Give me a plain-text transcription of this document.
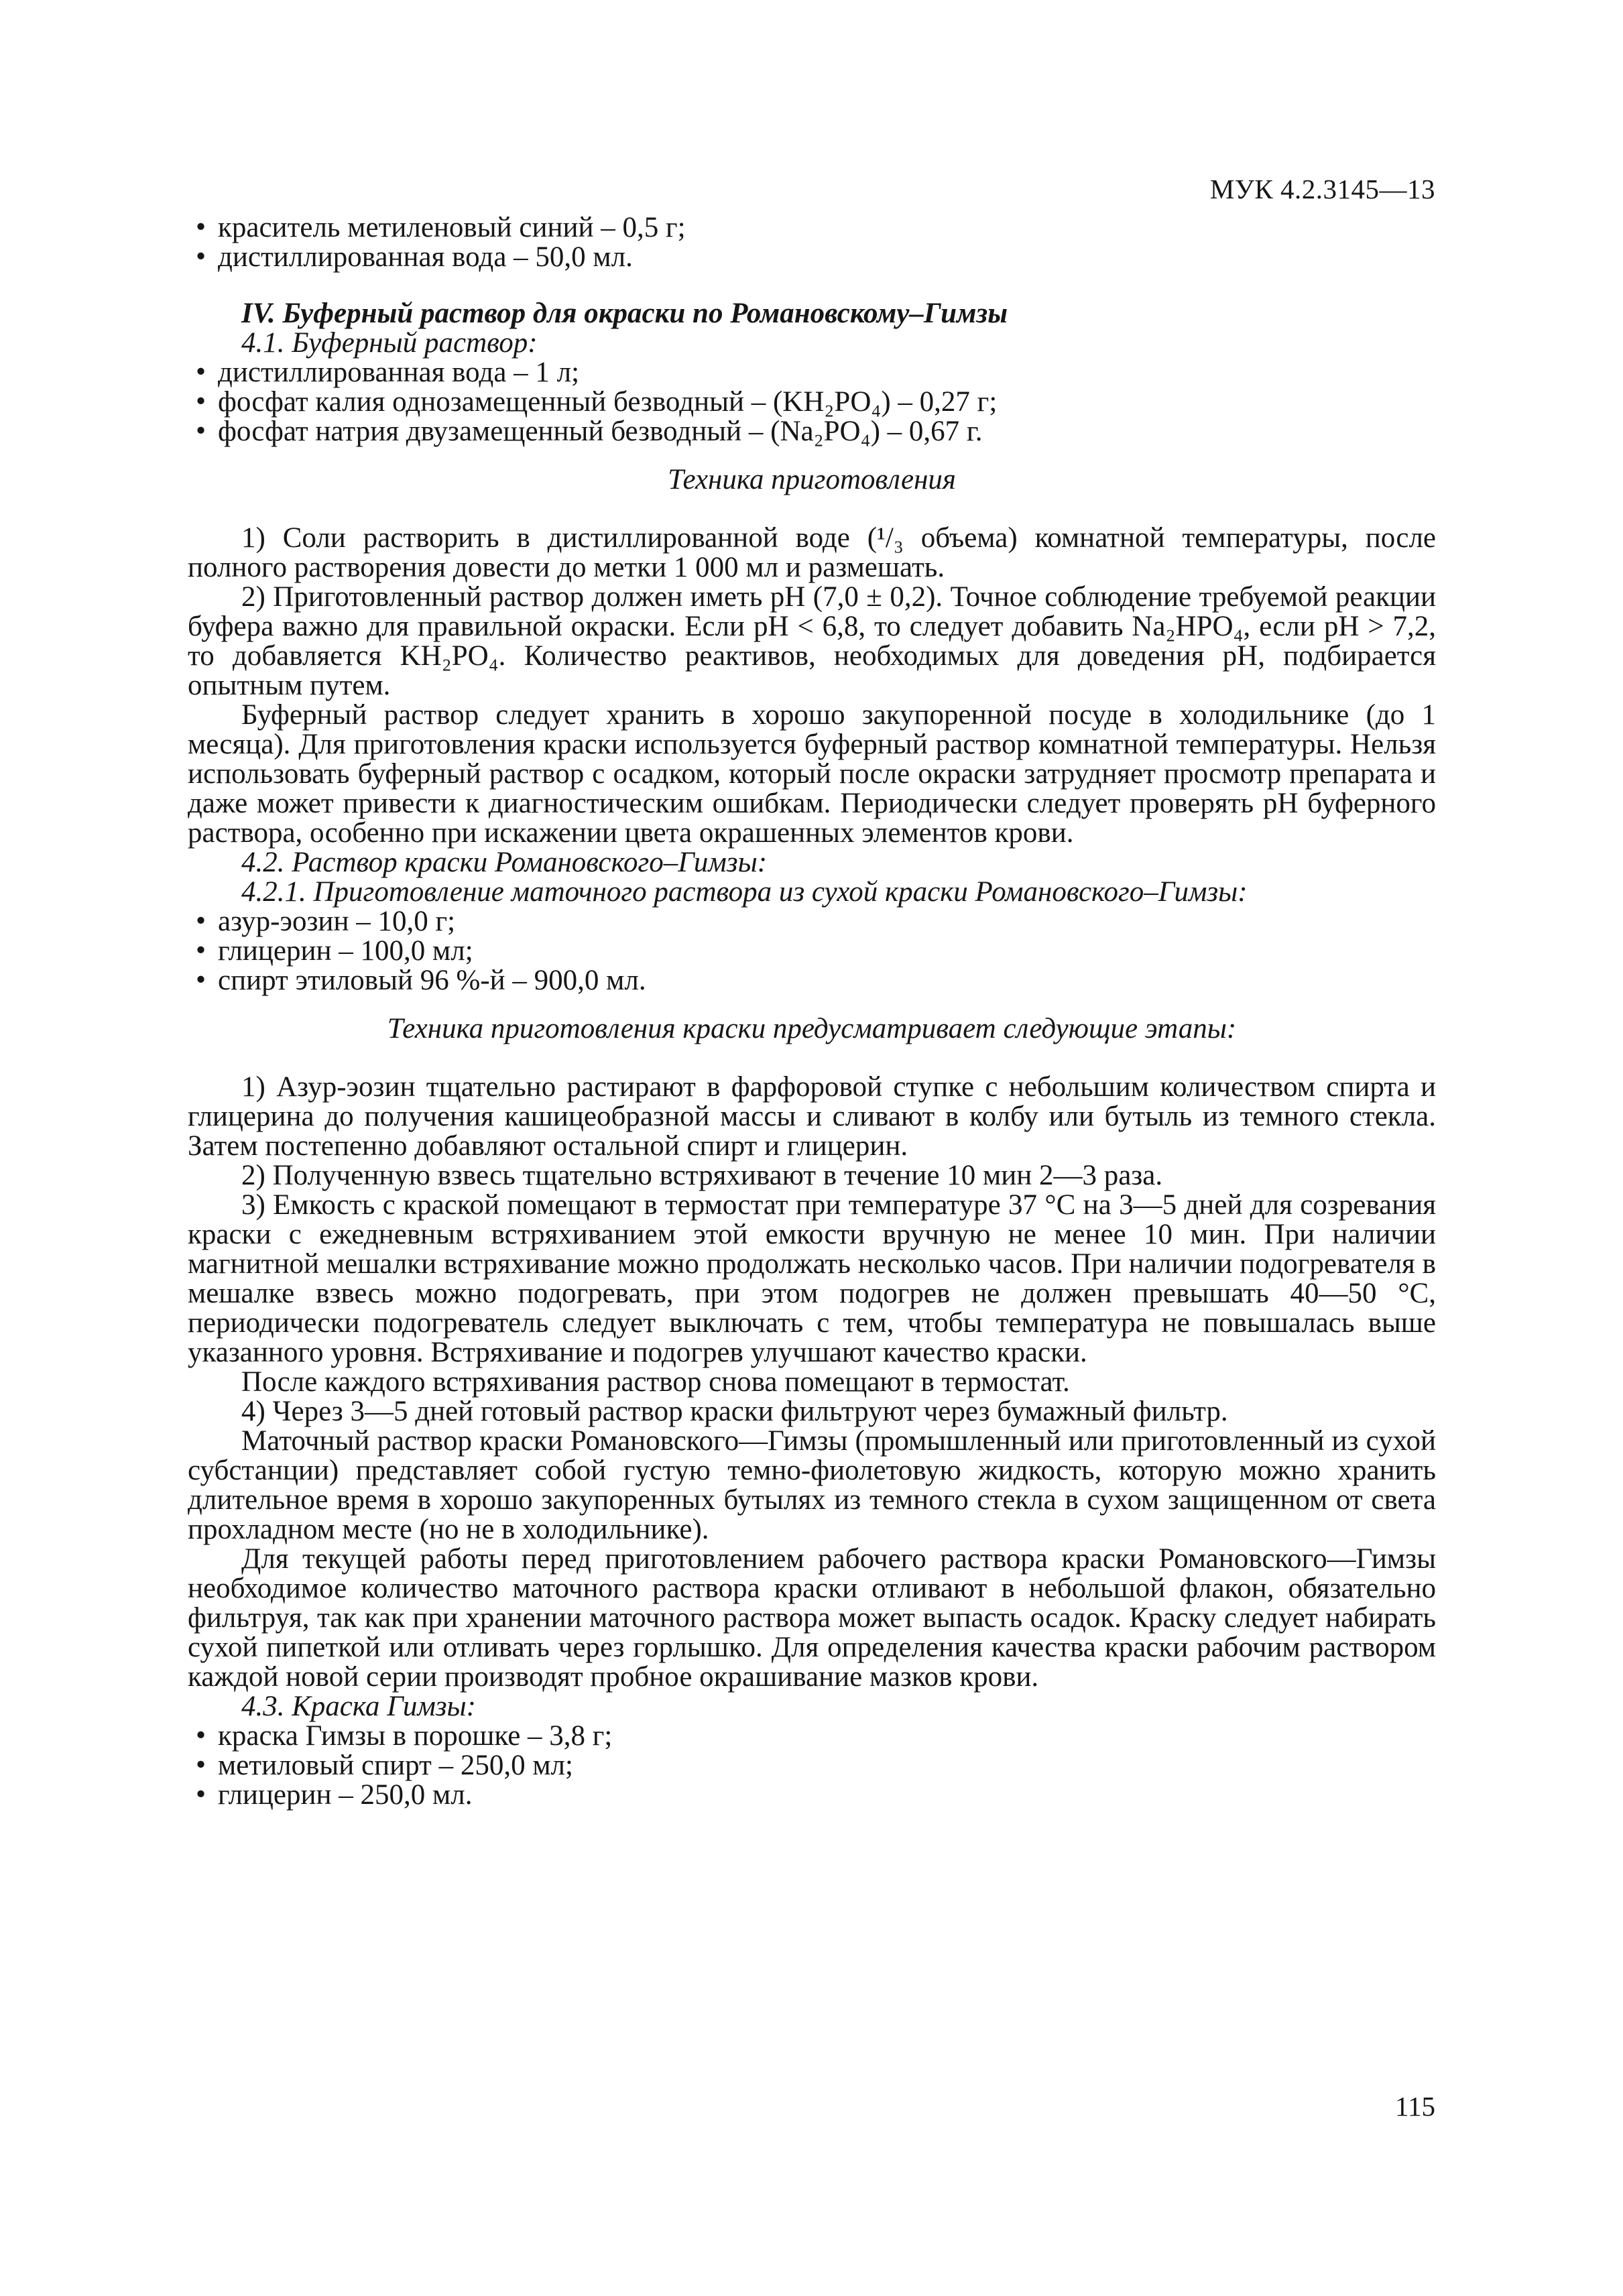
МУК 4.2.3145—13

• краситель метиленовый синий – 0,5 г;

• дистиллированная вода – 50,0 мл.

IV. Буферный раствор для окраски по Романовскому–Гимзы

4.1. Буферный раствор:

• дистиллированная вода – 1 л;

• фосфат калия однозамещенный безводный – (KH₂PO₄) – 0,27 г;

• фосфат натрия двузамещенный безводный – (Na₂PO₄) – 0,67 г.

Техника приготовления

1) Соли растворить в дистиллированной воде (¹/₃ объема) комнатной температуры, после полного растворения довести до метки 1 000 мл и размешать.

2) Приготовленный раствор должен иметь pH (7,0 ± 0,2). Точное соблюдение требуемой реакции буфера важно для правильной окраски. Если pH < 6,8, то следует добавить Na₂HPO₄, если pH > 7,2, то добавляется KH₂PO₄. Количество реактивов, необходимых для доведения pH, подбирается опытным путем.

Буферный раствор следует хранить в хорошо закупоренной посуде в холодильнике (до 1 месяца). Для приготовления краски используется буферный раствор комнатной температуры. Нельзя использовать буферный раствор с осадком, который после окраски затрудняет просмотр препарата и даже может привести к диагностическим ошибкам. Периодически следует проверять pH буферного раствора, особенно при искажении цвета окрашенных элементов крови.

4.2. Раствор краски Романовского–Гимзы:

4.2.1. Приготовление маточного раствора из сухой краски Романовского–Гимзы:

• азур-эозин – 10,0 г;

• глицерин – 100,0 мл;

• спирт этиловый 96 %-й – 900,0 мл.

Техника приготовления краски предусматривает следующие этапы:

1) Азур-эозин тщательно растирают в фарфоровой ступке с небольшим количеством спирта и глицерина до получения кашицеобразной массы и сливают в колбу или бутыль из темного стекла. Затем постепенно добавляют остальной спирт и глицерин.

2) Полученную взвесь тщательно встряхивают в течение 10 мин 2—3 раза.

3) Емкость с краской помещают в термостат при температуре 37 °С на 3—5 дней для созревания краски с ежедневным встряхиванием этой емкости вручную не менее 10 мин. При наличии магнитной мешалки встряхивание можно продолжать несколько часов. При наличии подогревателя в мешалке взвесь можно подогревать, при этом подогрев не должен превышать 40—50 °С, периодически подогреватель следует выключать с тем, чтобы температура не повышалась выше указанного уровня. Встряхивание и подогрев улучшают качество краски.

После каждого встряхивания раствор снова помещают в термостат.

4) Через 3—5 дней готовый раствор краски фильтруют через бумажный фильтр.

Маточный раствор краски Романовского—Гимзы (промышленный или приготовленный из сухой субстанции) представляет собой густую темно-фиолетовую жидкость, которую можно хранить длительное время в хорошо закупоренных бутылях из темного стекла в сухом защищенном от света прохладном месте (но не в холодильнике).

Для текущей работы перед приготовлением рабочего раствора краски Романовского—Гимзы необходимое количество маточного раствора краски отливают в небольшой флакон, обязательно фильтруя, так как при хранении маточного раствора может выпасть осадок. Краску следует набирать сухой пипеткой или отливать через горлышко. Для определения качества краски рабочим раствором каждой новой серии производят пробное окрашивание мазков крови.

4.3. Краска Гимзы:

• краска Гимзы в порошке – 3,8 г;

• метиловый спирт – 250,0 мл;

• глицерин – 250,0 мл.

115
